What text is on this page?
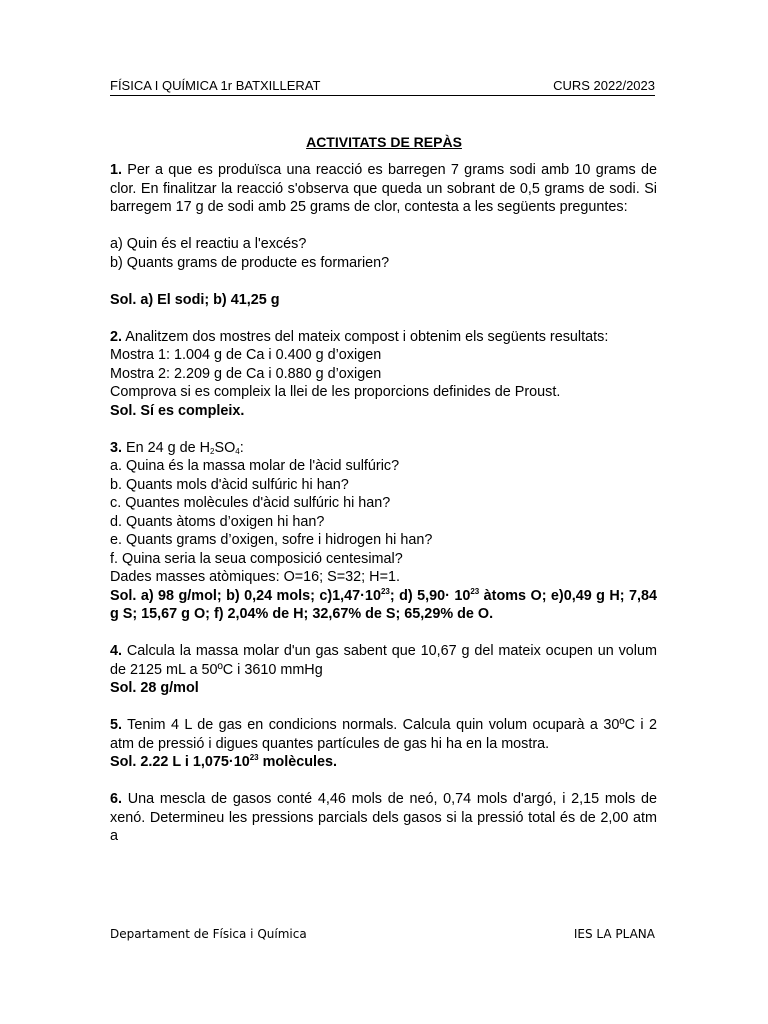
FÍSICA I QUÍMICA 1r BATXILLERAT	CURS 2022/2023
ACTIVITATS DE REPÀS
1. Per a que es produïsca una reacció es barregen 7 grams sodi amb 10 grams de clor. En finalitzar la reacció s'observa que queda un sobrant de 0,5 grams de sodi. Si barregem 17 g de sodi amb 25 grams de clor, contesta a les següents preguntes:
a) Quin és el reactiu a l'excés?
b) Quants grams de producte es formarien?
Sol. a) El sodi; b) 41,25 g
2. Analitzem dos mostres del mateix compost i obtenim els següents resultats:
Mostra 1: 1.004 g de Ca i 0.400 g d’oxigen
Mostra 2: 2.209 g de Ca i 0.880 g d’oxigen
Comprova si es compleix la llei de les proporcions definides de Proust.
Sol. Sí es compleix.
3. En 24 g de $H_2SO_4$:
a. Quina és la massa molar de l'àcid sulfúric?
b. Quants mols d'àcid sulfúric hi han?
c. Quantes molècules d'àcid sulfúric hi han?
d. Quants àtoms d’oxigen hi han?
e. Quants grams d’oxigen, sofre i hidrogen hi han?
f. Quina seria la seua composició centesimal?
Dades masses atòmiques: O=16; S=32; H=1.
Sol. a) 98 g/mol; b) 0,24 mols; $c)1,47\cdot 10^{23}$; d) $5,90\cdot 10^{23}$ àtoms O; e)0,49 g H; 7,84 g S; 15,67 g O; f) 2,04% de H; 32,67% de S; 65,29% de O.
4. Calcula la massa molar d'un gas sabent que 10,67 g del mateix ocupen un volum de 2125 mL a 50ºC i 3610 mmHg
Sol. 28 g/mol
5. Tenim 4 L de gas en condicions normals. Calcula quin volum ocuparà a 30ºC i 2 atm de pressió i digues quantes partícules de gas hi ha en la mostra.
Sol. 2.22 L i $1,075\cdot 10^{23}$ molècules.
6. Una mescla de gasos conté 4,46 mols de neó, 0,74 mols d'argó, i 2,15 mols de xenó. Determineu les pressions parcials dels gasos si la pressió total és de 2,00 atm a
Departament de Física i Química	IES LA PLANA
